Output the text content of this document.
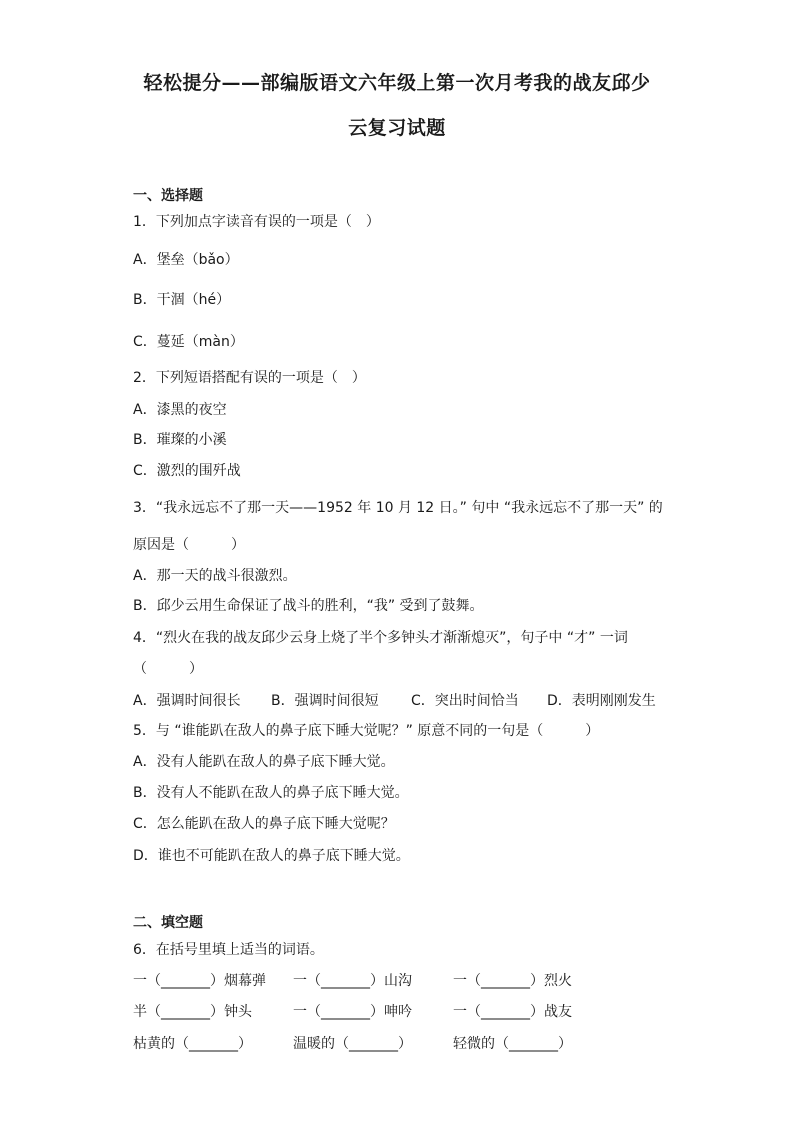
轻松提分——部编版语文六年级上第一次月考我的战友邱少
云复习试题
一、选择题
1．下列加点字读音有误的一项是（　）
A．堡垒（bǎo）
B．干涸（hé）
C．蔓延（màn）
2．下列短语搭配有误的一项是（　）
A．漆黑的夜空
B．璀璨的小溪
C．激烈的围歼战
3．“我永远忘不了那一天——1952 年 10 月 12 日。” 句中 “我永远忘不了那一天” 的
原因是（　　　）
A．那一天的战斗很激烈。
B．邱少云用生命保证了战斗的胜利，“我” 受到了鼓舞。
4．“烈火在我的战友邱少云身上烧了半个多钟头才渐渐熄灭”，句子中 “才” 一词
（　　　）
A．强调时间很长 B．强调时间很短 C．突出时间恰当 D．表明刚刚发生
5．与 “谁能趴在敌人的鼻子底下睡大觉呢？” 原意不同的一句是（　　　）
A．没有人能趴在敌人的鼻子底下睡大觉。
B．没有人不能趴在敌人的鼻子底下睡大觉。
C．怎么能趴在敌人的鼻子底下睡大觉呢？
D．谁也不可能趴在敌人的鼻子底下睡大觉。
二、填空题
6．在括号里填上适当的词语。
一（_______）烟幕弹 一（_______）山沟	一（_______）烈火
半（_______）钟头	一（_______）呻吟	一（_______）战友
枯黄的（_______）	温暖的（_______）	轻微的（_______）
